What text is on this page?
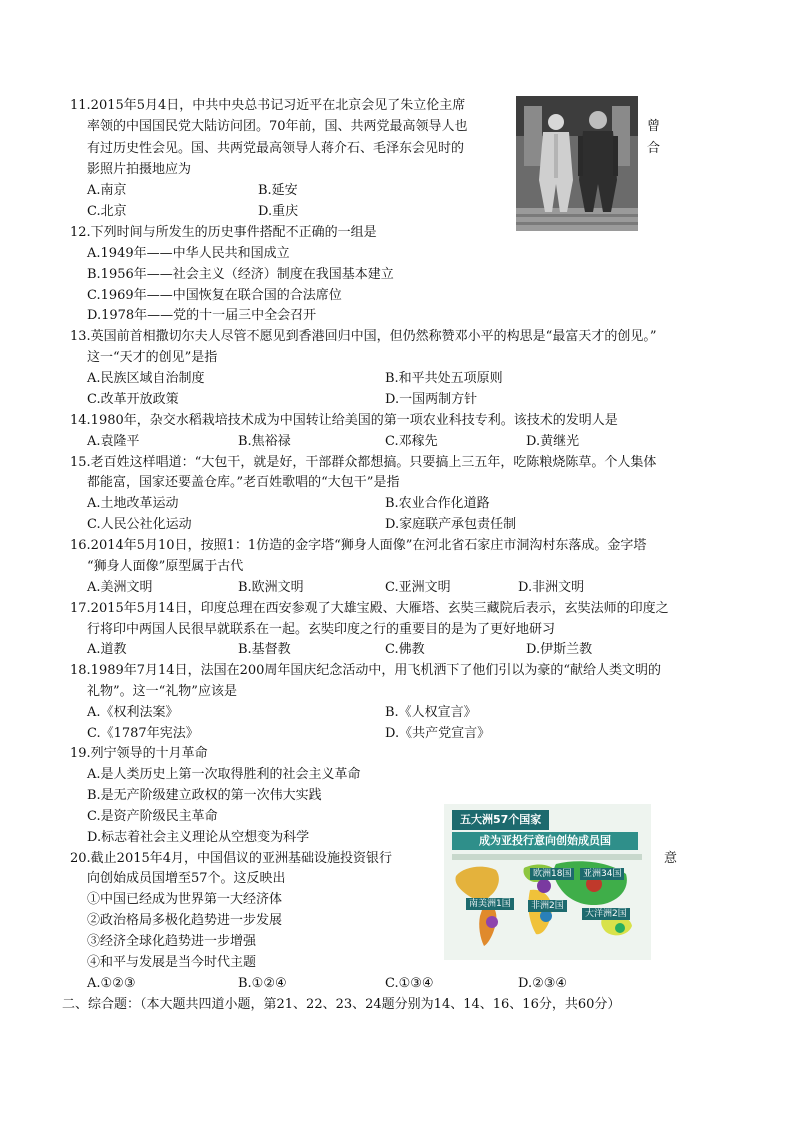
11.2015年5月4日，中共中央总书记习近平在北京会见了朱立伦主席
率领的中国国民党大陆访问团。70年前，国、共两党最高领导人也
有过历史性会见。国、共两党最高领导人蒋介石、毛泽东会见时的
影照片拍摄地应为
曾
合
A.南京	B.延安
C.北京	D.重庆
12.下列时间与所发生的历史事件搭配不正确的一组是
A.1949年——中华人民共和国成立
B.1956年——社会主义（经济）制度在我国基本建立
C.1969年——中国恢复在联合国的合法席位
D.1978年——党的十一届三中全会召开
13.英国前首相撒切尔夫人尽管不愿见到香港回归中国，但仍然称赞邓小平的构思是“最富天才的创见。”
这一“天才的创见”是指
A.民族区域自治制度	B.和平共处五项原则
C.改革开放政策	D.一国两制方针
14.1980年，杂交水稻栽培技术成为中国转让给美国的第一项农业科技专利。该技术的发明人是
A.袁隆平	B.焦裕禄	C.邓稼先	D.黄继光
15.老百姓这样唱道：“大包干，就是好，干部群众都想搞。只要搞上三五年，吃陈粮烧陈草。个人集体
都能富，国家还要盖仓库。”老百姓歌唱的“大包干”是指
A.土地改革运动	B.农业合作化道路
C.人民公社化运动	D.家庭联产承包责任制
16.2014年5月10日，按照1：1仿造的金字塔“狮身人面像”在河北省石家庄市洞沟村东落成。金字塔
“狮身人面像”原型属于古代
A.美洲文明	B.欧洲文明	C.亚洲文明	D.非洲文明
17.2015年5月14日，印度总理在西安参观了大雄宝殿、大雁塔、玄奘三藏院后表示，玄奘法师的印度之
行将印中两国人民很早就联系在一起。玄奘印度之行的重要目的是为了更好地研习
A.道教	B.基督教	C.佛教	D.伊斯兰教
18.1989年7月14日，法国在200周年国庆纪念活动中，用飞机洒下了他们引以为豪的“献给人类文明的
礼物”。这一“礼物”应该是
A.《权利法案》	B.《人权宣言》
C.《1787年宪法》	D.《共产党宣言》
19.列宁领导的十月革命
A.是人类历史上第一次取得胜利的社会主义革命
B.是无产阶级建立政权的第一次伟大实践
C.是资产阶级民主革命
D.标志着社会主义理论从空想变为科学
20.截止2015年4月，中国倡议的亚洲基础设施投资银行	意
向创始成员国增至57个。这反映出
①中国已经成为世界第一大经济体
②政治格局多极化趋势进一步发展
③经济全球化趋势进一步增强
④和平与发展是当今时代主题
A.①②③	B.①②④	C.①③④	D.②③④
二、综合题：（本大题共四道小题，第21、22、23、24题分别为14、14、16、16分，共60分）
五大洲57个国家
成为亚投行意向创始成员国
欧洲18国	亚洲34国
南美洲1国	非洲2国
大洋洲2国
